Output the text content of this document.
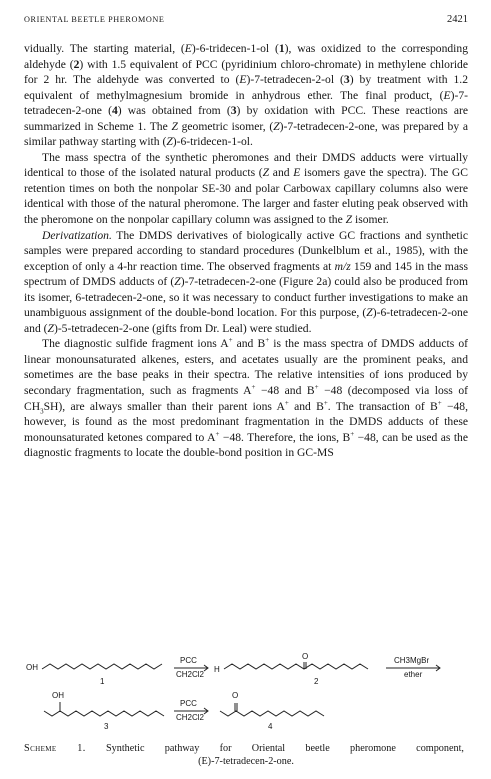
ORIENTAL BEETLE PHEROMONE	2421

vidually. The starting material, (E)-6-tridecen-1-ol (1), was oxidized to the corresponding aldehyde (2) with 1.5 equivalent of PCC (pyridinium chloro-chromate) in methylene chloride for 2 hr. The aldehyde was converted to (E)-7-tetradecen-2-ol (3) by treatment with 1.2 equivalent of methylmagnesium bromide in anhydrous ether. The final product, (E)-7-tetradecen-2-one (4) was obtained from (3) by oxidation with PCC. These reactions are summarized in Scheme 1. The Z geometric isomer, (Z)-7-tetradecen-2-one, was prepared by a similar pathway starting with (Z)-6-tridecen-1-ol.

The mass spectra of the synthetic pheromones and their DMDS adducts were virtually identical to those of the isolated natural products (Z and E isomers gave the spectra). The GC retention times on both the nonpolar SE-30 and polar Carbowax capillary columns also were identical with those of the natural pheromone. The larger and faster eluting peak observed with the pheromone on the nonpolar capillary column was assigned to the Z isomer.

Derivatization. The DMDS derivatives of biologically active GC fractions and synthetic samples were prepared according to standard procedures (Dunkelblum et al., 1985), with the exception of only a 4-hr reaction time. The observed fragments at m/z 159 and 145 in the mass spectrum of DMDS adducts of (Z)-7-tetradecen-2-one (Figure 2a) could also be produced from its isomer, 6-tetradecen-2-one, so it was necessary to conduct further investigations to make an unambiguous assignment of the double-bond location. For this purpose, (Z)-6-tetradecen-2-one and (Z)-5-tetradecen-2-one (gifts from Dr. Leal) were studied.

The diagnostic sulfide fragment ions A+ and B+ is the mass spectra of DMDS adducts of linear monounsaturated alkenes, esters, and acetates usually are the prominent peaks, and sometimes are the base peaks in their spectra. The relative intensities of ions produced by secondary fragmentation, such as fragments A+ −48 and B+ −48 (decomposed via loss of $CH_3SH$), are always smaller than their parent ions A+ and B+. The transaction of B+ −48, however, is found as the most predominant fragmentation in the DMDS adducts of these monounsaturated ketones compared to A+ −48. Therefore, the ions, B+ −48, can be used as the diagnostic fragments to locate the double-bond position in GC-MS

OH
PCC
CH2Cl2
H
O	CH3MgBr
ether
1	2
OH
PCC
CH2Cl2
O
3	4
Scheme 1. Synthetic pathway for Oriental beetle pheromone component,
(E)-7-tetradecen-2-one.
